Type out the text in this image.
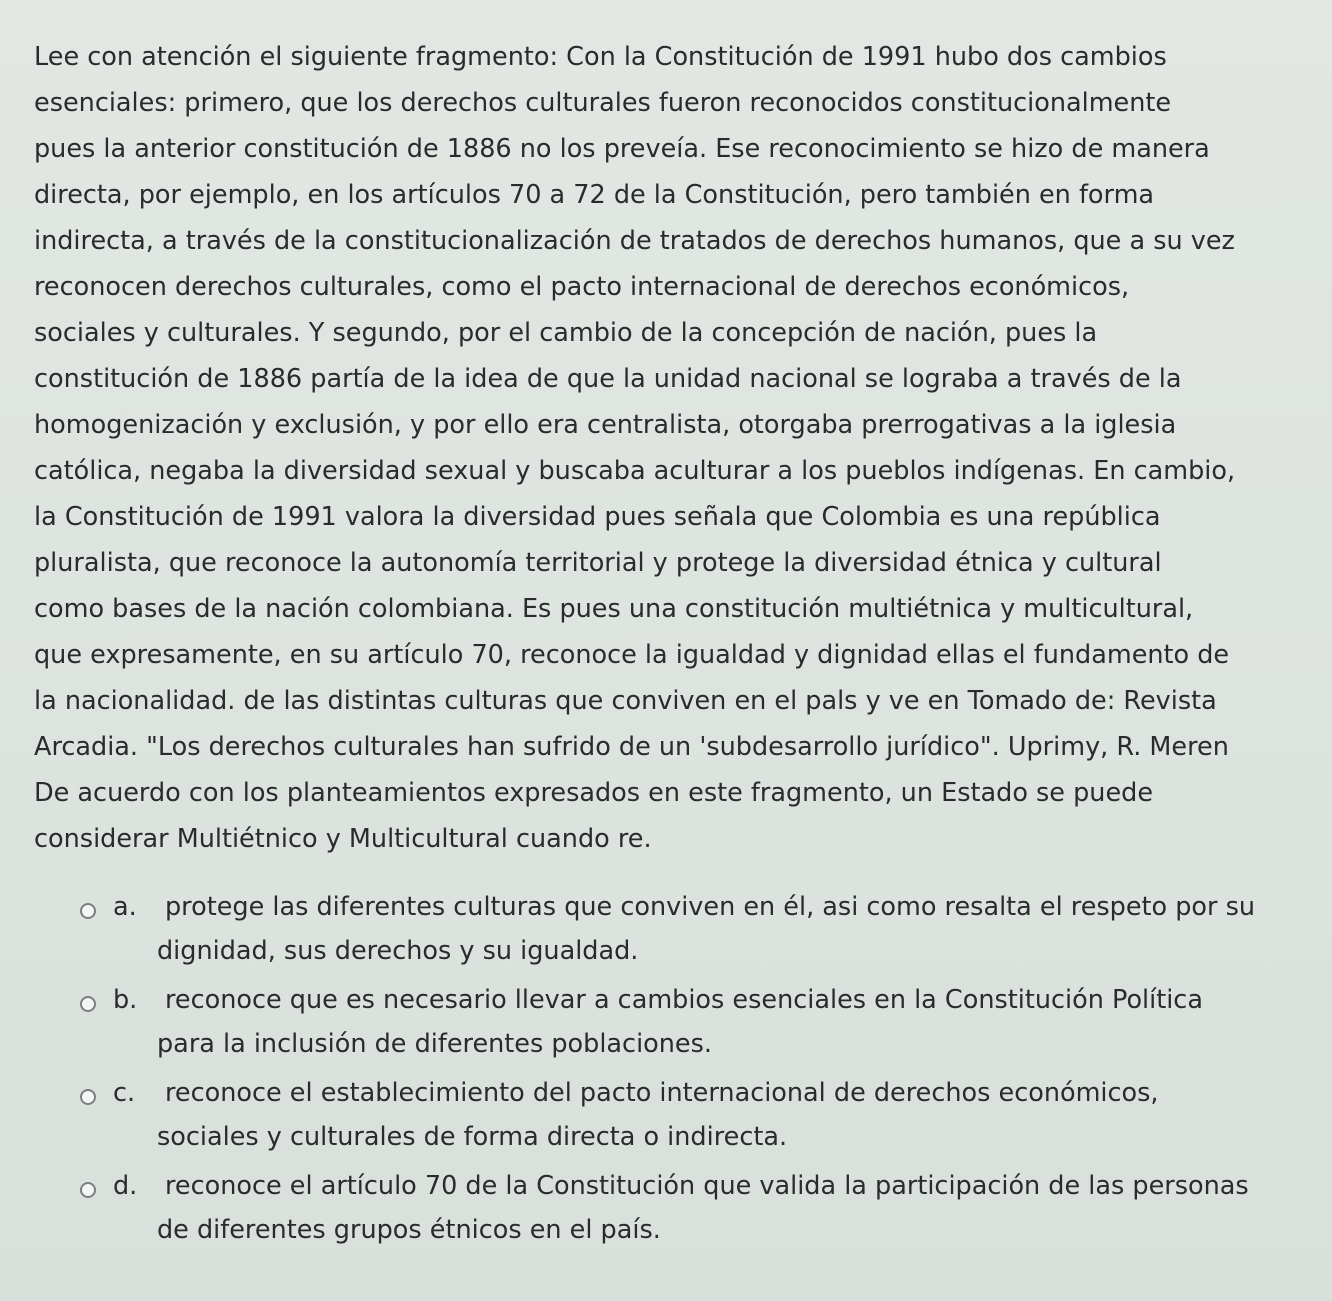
Lee con atención el siguiente fragmento: Con la Constitución de 1991 hubo dos cambios
esenciales: primero, que los derechos culturales fueron reconocidos constitucionalmente
pues la anterior constitución de 1886 no los preveía. Ese reconocimiento se hizo de manera
directa, por ejemplo, en los artículos 70 a 72 de la Constitución, pero también en forma
indirecta, a través de la constitucionalización de tratados de derechos humanos, que a su vez
reconocen derechos culturales, como el pacto internacional de derechos económicos,
sociales y culturales. Y segundo, por el cambio de la concepción de nación, pues la
constitución de 1886 partía de la idea de que la unidad nacional se lograba a través de la
homogenización y exclusión, y por ello era centralista, otorgaba prerrogativas a la iglesia
católica, negaba la diversidad sexual y buscaba aculturar a los pueblos indígenas. En cambio,
la Constitución de 1991 valora la diversidad pues señala que Colombia es una república
pluralista, que reconoce la autonomía territorial y protege la diversidad étnica y cultural
como bases de la nación colombiana. Es pues una constitución multiétnica y multicultural,
que expresamente, en su artículo 70, reconoce la igualdad y dignidad ellas el fundamento de
la nacionalidad. de las distintas culturas que conviven en el pals y ve en Tomado de: Revista
Arcadia. "Los derechos culturales han sufrido de un 'subdesarrollo jurídico". Uprimy, R. Meren
De acuerdo con los planteamientos expresados en este fragmento, un Estado se puede
considerar Multiétnico y Multicultural cuando re.

a. protege las diferentes culturas que conviven en él, asi como resalta el respeto por su
dignidad, sus derechos y su igualdad.
b. reconoce que es necesario llevar a cambios esenciales en la Constitución Política
para la inclusión de diferentes poblaciones.
c. reconoce el establecimiento del pacto internacional de derechos económicos,
sociales y culturales de forma directa o indirecta.
d. reconoce el artículo 70 de la Constitución que valida la participación de las personas
de diferentes grupos étnicos en el país.
